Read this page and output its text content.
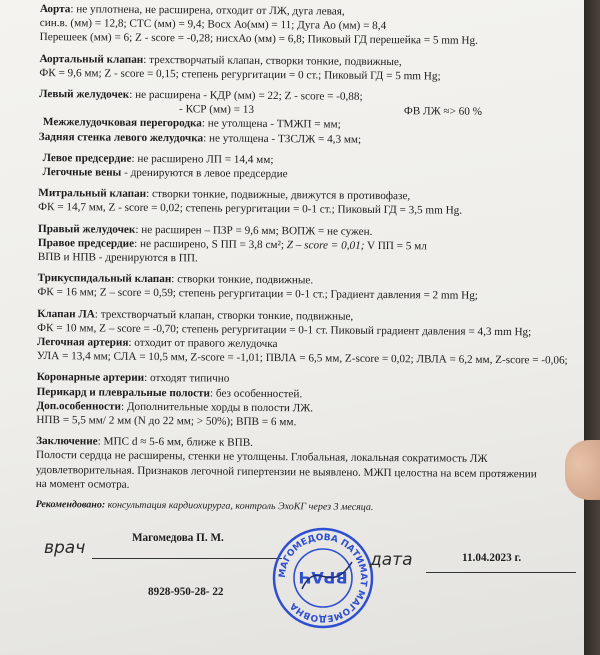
Аорта: не уплотнена, не расширена, отходит от ЛЖ, дуга левая,
син.в. (мм) = 12,8; СТС (мм) = 9,4; Восх Ао(мм) = 11; Дуга Ао (мм) = 8,4
Перешеек (мм) = 6; Z - score = -0,28; нисхАо (мм) = 6,8; Пиковый ГД перешейка = 5 mm Hg.
Аортальный клапан: трехстворчатый клапан, створки тонкие, подвижные,
ФК = 9,6 мм; Z - score = 0,15; степень регургитации = 0 ст.; Пиковый ГД = 5 mm Hg;
Левый желудочек: не расширена - КДР (мм) = 22; Z - score = -0,88;
- КСР (мм) = 13	ФВ ЛЖ ≈> 60 %
Межжелудочковая перегородка: не утолщена - ТМЖП = мм;
Задняя стенка левого желудочка: не утолщена - ТЗСЛЖ = 4,3 мм;
Левое предсердие: не расширено ЛП = 14,4 мм;
Легочные вены - дренируются в левое предсердие
Митральный клапан: створки тонкие, подвижные, движутся в противофазе,
ФК = 14,7 мм, Z - score = 0,02; степень регургитации = 0-1 ст.; Пиковый ГД = 3,5 mm Hg.
Правый желудочек: не расширен – ПЗР = 9,6 мм; ВОПЖ = не сужен.
Правое предсердие: не расширено, S ПП = 3,8 см²; Z – score = 0,01; V ПП = 5 мл
ВПВ и НПВ - дренируются в ПП.
Трикуспидальный клапан: створки тонкие, подвижные.
ФК = 16 мм; Z – score = 0,59; степень регургитации = 0-1 ст.; Градиент давления = 2 mm Hg;
Клапан ЛА: трехстворчатый клапан, створки тонкие, подвижные,
ФК = 10 мм, Z – score = -0,70; степень регургитации = 0-1 ст. Пиковый градиент давления = 4,3 mm Hg;
Легочная артерия: отходит от правого желудочка
УЛА = 13,4 мм; СЛА = 10,5 мм, Z-score = -1,01; ПВЛА = 6,5 мм, Z-score = 0,02; ЛВЛА = 6,2 мм, Z-score = -0,06;
Коронарные артерии: отходят типично
Перикард и плевральные полости: без особенностей.
Доп.особенности: Дополнительные хорды в полости ЛЖ.
НПВ = 5,5 мм/ 2 мм (N до 22 мм; > 50%); ВПВ = 6 мм.
Заключение: МПС d ≈ 5-6 мм, ближе к ВПВ.
Полости сердца не расширены, стенки не утолщены. Глобальная, локальная сократимость ЛЖ
удовлетворительная. Признаков легочной гипертензии не выявлено. МЖП целостна на всем протяжении
на момент осмотра.
Рекомендовано: консультация кардиохирурга, контроль ЭхоКГ через 3 месяца.
врач	Магомедова П. М.
МАГОМЕДОВА ПАТИМАТ МАГОМЕДОВНА
ВРАЧ
дата	11.04.2023 г.
8928-950-28- 22
